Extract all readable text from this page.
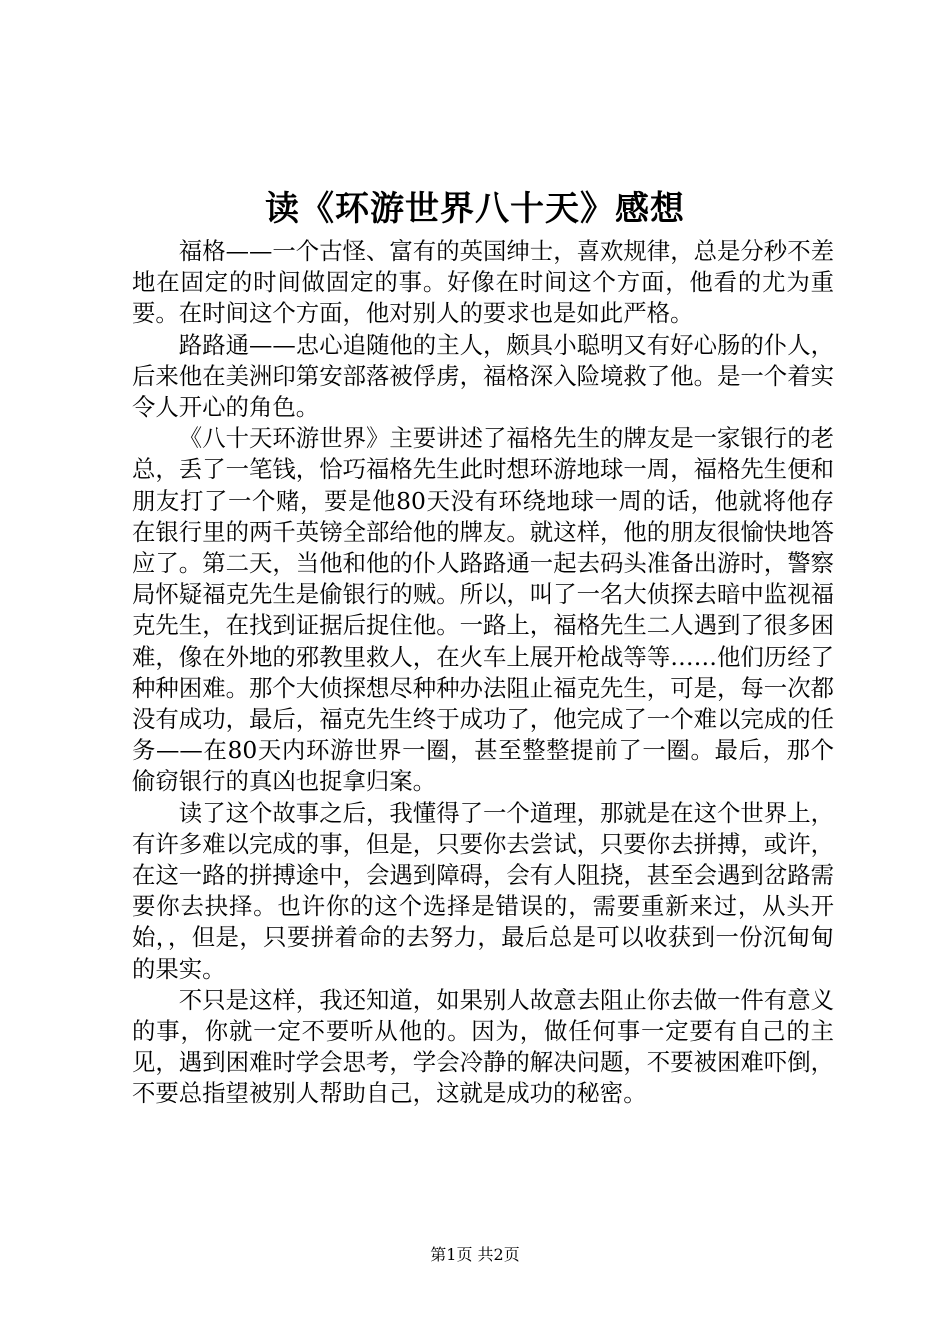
读《环游世界八十天》感想

福格——一个古怪、富有的英国绅士，喜欢规律，总是分秒不差地在固定的时间做固定的事。好像在时间这个方面，他看的尤为重要。在时间这个方面，他对别人的要求也是如此严格。

路路通——忠心追随他的主人，颇具小聪明又有好心肠的仆人，后来他在美洲印第安部落被俘虏，福格深入险境救了他。是一个着实令人开心的角色。

《八十天环游世界》主要讲述了福格先生的牌友是一家银行的老总，丢了一笔钱，恰巧福格先生此时想环游地球一周，福格先生便和朋友打了一个赌，要是他80天没有环绕地球一周的话，他就将他存在银行里的两千英镑全部给他的牌友。就这样，他的朋友很愉快地答应了。第二天，当他和他的仆人路路通一起去码头准备出游时，警察局怀疑福克先生是偷银行的贼。所以，叫了一名大侦探去暗中监视福克先生，在找到证据后捉住他。一路上，福格先生二人遇到了很多困难，像在外地的邪教里救人，在火车上展开枪战等等……他们历经了种种困难。那个大侦探想尽种种办法阻止福克先生，可是，每一次都没有成功，最后，福克先生终于成功了，他完成了一个难以完成的任务——在80天内环游世界一圈，甚至整整提前了一圈。最后，那个偷窃银行的真凶也捉拿归案。

读了这个故事之后，我懂得了一个道理，那就是在这个世界上，有许多难以完成的事，但是，只要你去尝试，只要你去拼搏，或许，在这一路的拼搏途中，会遇到障碍，会有人阻挠，甚至会遇到岔路需要你去抉择。也许你的这个选择是错误的，需要重新来过，从头开始，，但是，只要拼着命的去努力，最后总是可以收获到一份沉甸甸的果实。

不只是这样，我还知道，如果别人故意去阻止你去做一件有意义的事，你就一定不要听从他的。因为，做任何事一定要有自己的主见，遇到困难时学会思考，学会冷静的解决问题，不要被困难吓倒，不要总指望被别人帮助自己，这就是成功的秘密。

第1页 共2页
